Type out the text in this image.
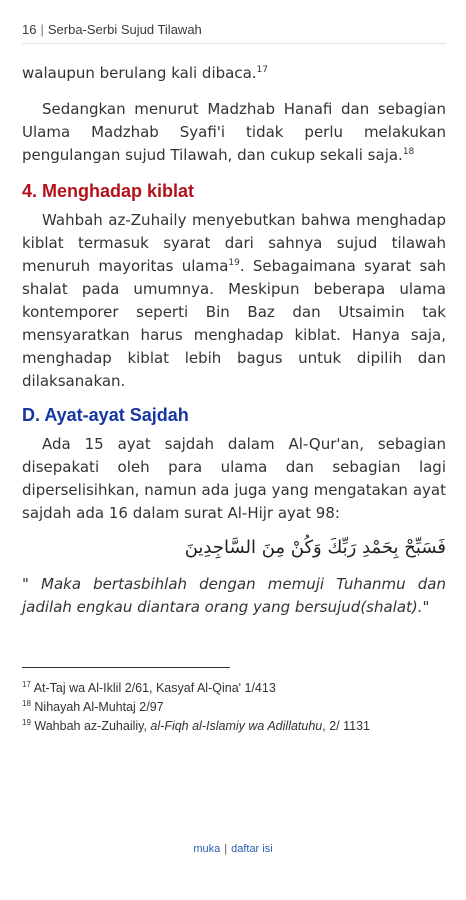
16 | Serba-Serbi Sujud Tilawah

walaupun berulang kali dibaca.$^{17}$

Sedangkan menurut Madzhab Hanafi dan sebagian Ulama Madzhab Syafi'i tidak perlu melakukan pengulangan sujud Tilawah, dan cukup sekali saja.$^{18}$

4. Menghadap kiblat

Wahbah az-Zuhaily menyebutkan bahwa menghadap kiblat termasuk syarat dari sahnya sujud tilawah menuruh mayoritas ulama$^{19}$. Sebagaimana syarat sah shalat pada umumnya. Meskipun beberapa ulama kontemporer seperti Bin Baz dan Utsaimin tak mensyaratkan harus menghadap kiblat. Hanya saja, menghadap kiblat lebih bagus untuk dipilih dan dilaksanakan.

D. Ayat-ayat Sajdah

Ada 15 ayat sajdah dalam Al-Qur'an, sebagian disepakati oleh para ulama dan sebagian lagi diperselisihkan, namun ada juga yang mengatakan ayat sajdah ada 16 dalam surat Al-Hijr ayat 98:

فَسَبِّحْ بِحَمْدِ رَبِّكَ وَكُنْ مِنَ السَّاجِدِينَ

" Maka bertasbihlah dengan memuji Tuhanmu dan jadilah engkau diantara orang yang bersujud(shalat)."

$^{17}$ At-Taj wa Al-Iklil 2/61, Kasyaf Al-Qina' 1/413
$^{18}$ Nihayah Al-Muhtaj 2/97
$^{19}$ Wahbah az-Zuhailiy, al-Fiqh al-Islamiy wa Adillatuhu, 2/ 1131
muka | daftar isi
